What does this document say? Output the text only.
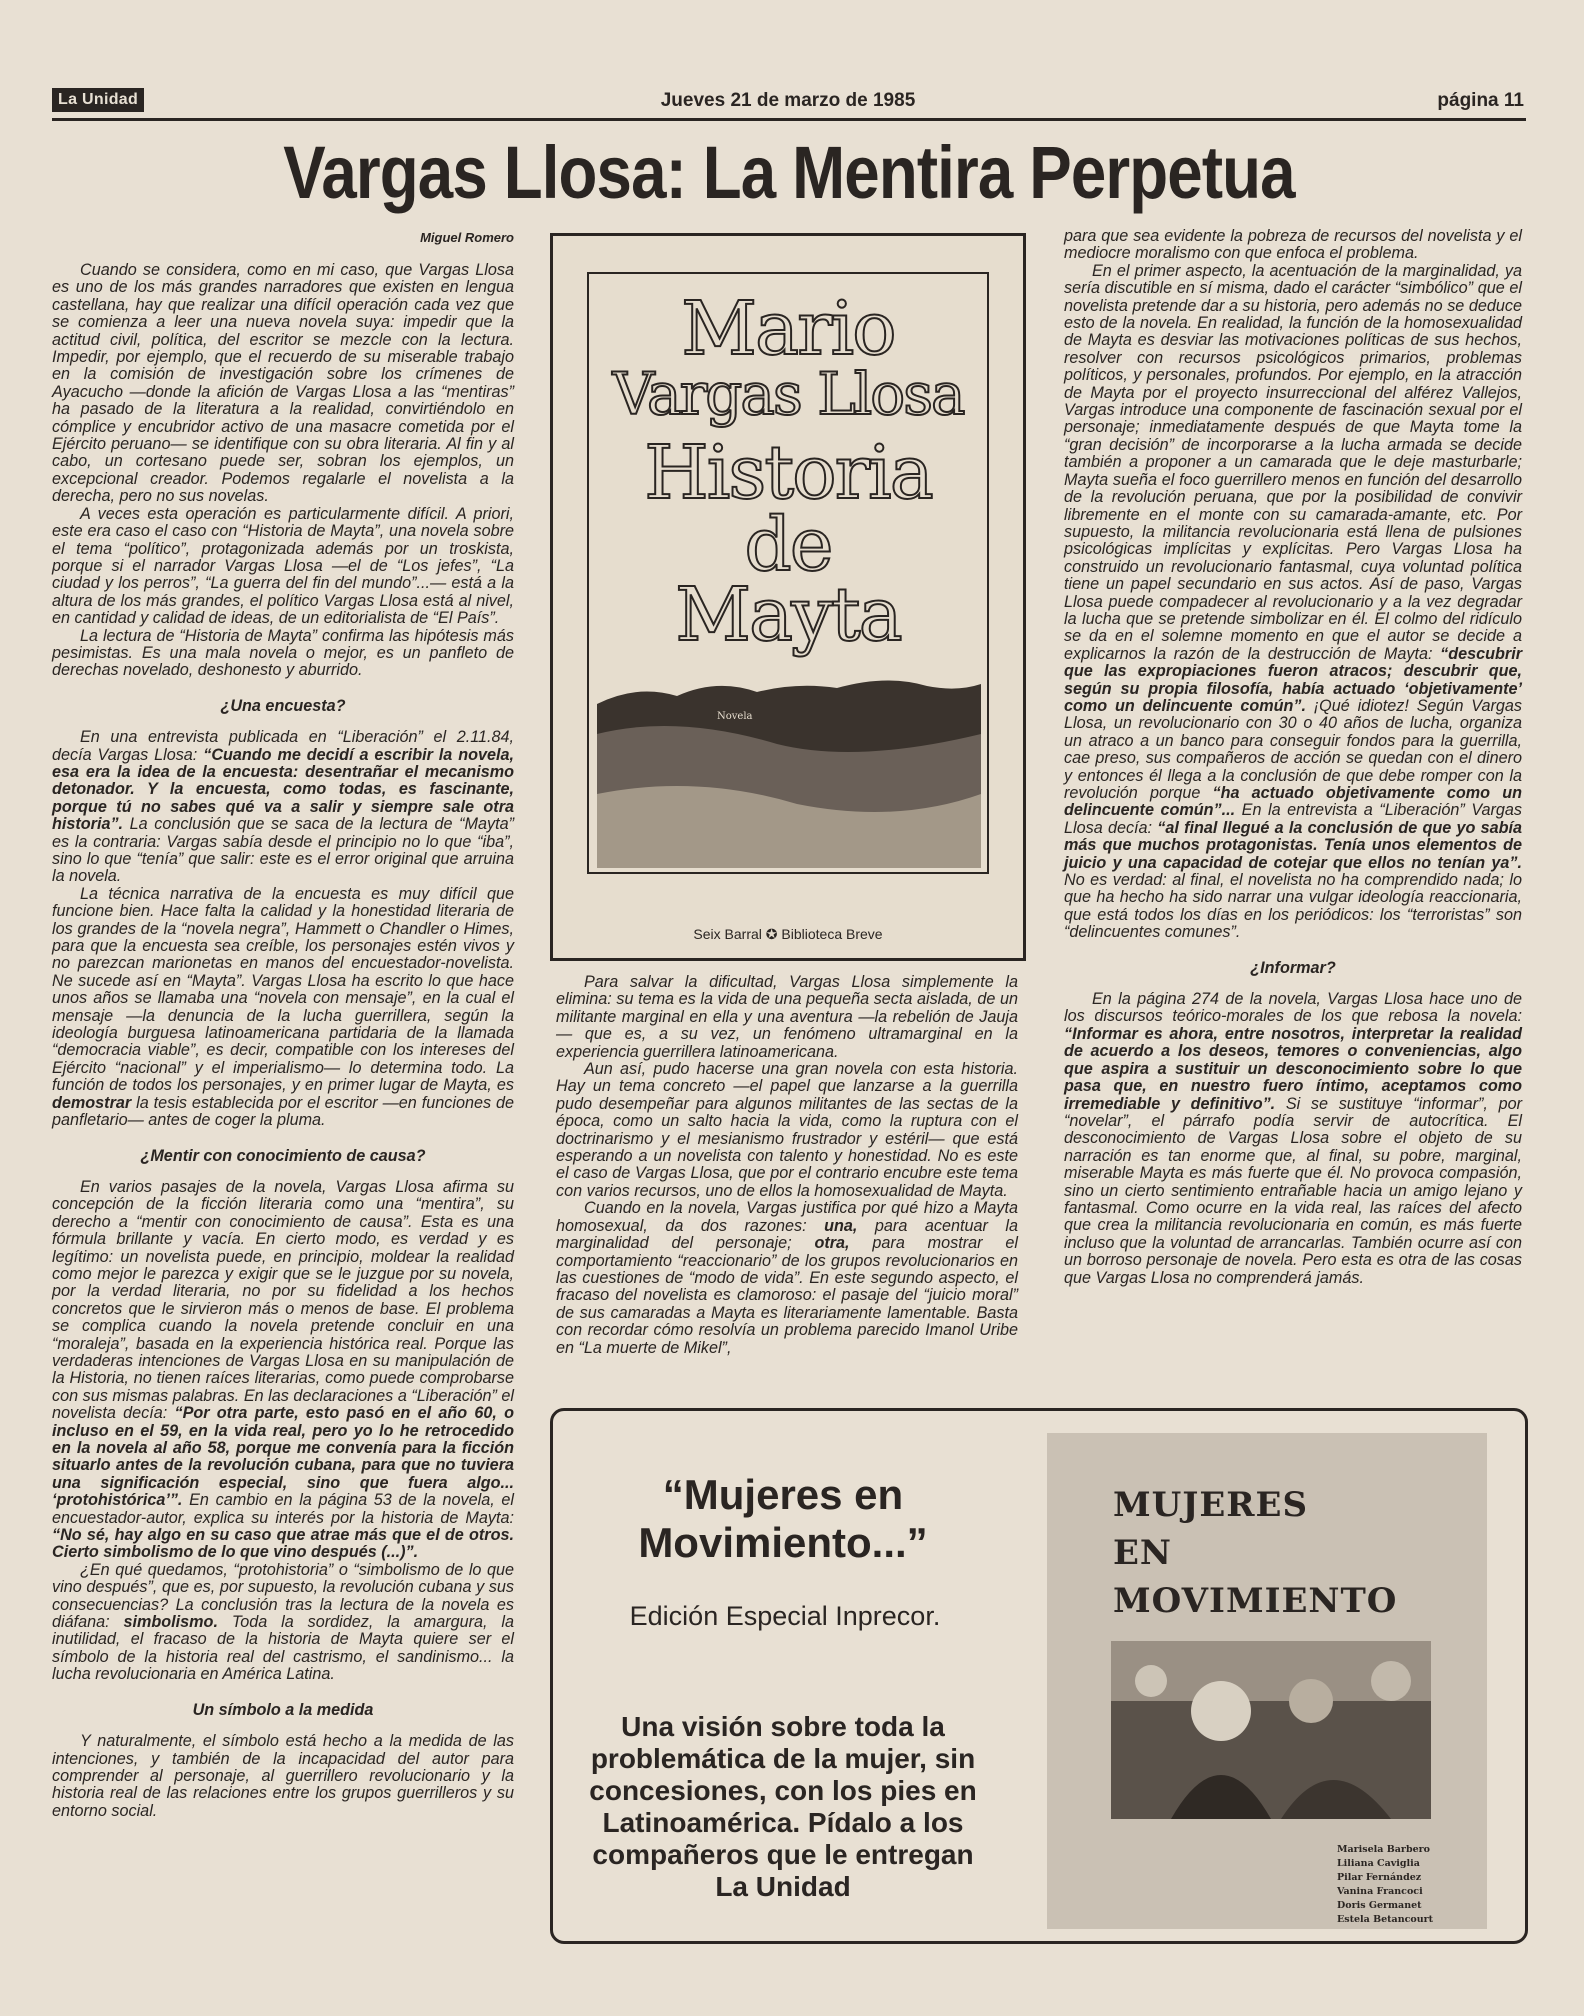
La Unidad	Jueves 21 de marzo de 1985	página 11
Vargas Llosa: La Mentira Perpetua
Miguel Romero

Cuando se considera, como en mi caso, que Vargas Llosa es uno de los más grandes narradores que existen en lengua castellana, hay que realizar una difícil operación cada vez que se comienza a leer una nueva novela suya: impedir que la actitud civil, política, del escritor se mezcle con la lectura. Impedir, por ejemplo, que el recuerdo de su miserable trabajo en la comisión de investigación sobre los crímenes de Ayacucho —donde la afición de Vargas Llosa a las “mentiras” ha pasado de la literatura a la realidad, convirtiéndolo en cómplice y encubridor activo de una masacre cometida por el Ejército peruano— se identifique con su obra literaria. Al fin y al cabo, un cortesano puede ser, sobran los ejemplos, un excepcional creador. Podemos regalarle el novelista a la derecha, pero no sus novelas.

A veces esta operación es particularmente difícil. A priori, este era caso el caso con “Historia de Mayta”, una novela sobre el tema “político”, protagonizada además por un troskista, porque si el narrador Vargas Llosa —el de “Los jefes”, “La ciudad y los perros”, “La guerra del fin del mundo”...— está a la altura de los más grandes, el político Vargas Llosa está al nivel, en cantidad y calidad de ideas, de un editorialista de “El País”.

La lectura de “Historia de Mayta” confirma las hipótesis más pesimistas. Es una mala novela o mejor, es un panfleto de derechas novelado, deshonesto y aburrido.

¿Una encuesta?

En una entrevista publicada en “Liberación” el 2.11.84, decía Vargas Llosa: “Cuando me decidí a escribir la novela, esa era la idea de la encuesta: desentrañar el mecanismo detonador. Y la encuesta, como todas, es fascinante, porque tú no sabes qué va a salir y siempre sale otra historia”. La conclusión que se saca de la lectura de “Mayta” es la contraria: Vargas sabía desde el principio no lo que “iba”, sino lo que “tenía” que salir: este es el error original que arruina la novela.

La técnica narrativa de la encuesta es muy difícil que funcione bien. Hace falta la calidad y la honestidad literaria de los grandes de la “novela negra”, Hammett o Chandler o Himes, para que la encuesta sea creíble, los personajes estén vivos y no parezcan marionetas en manos del encuestador-novelista. Ne sucede así en “Mayta”. Vargas Llosa ha escrito lo que hace unos años se llamaba una “novela con mensaje”, en la cual el mensaje —la denuncia de la lucha guerrillera, según la ideología burguesa latinoamericana partidaria de la llamada “democracia viable”, es decir, compatible con los intereses del Ejército “nacional” y el imperialismo— lo determina todo. La función de todos los personajes, y en primer lugar de Mayta, es demostrar la tesis establecida por el escritor —en funciones de panfletario— antes de coger la pluma.

¿Mentir con conocimiento de causa?

En varios pasajes de la novela, Vargas Llosa afirma su concepción de la ficción literaria como una “mentira”, su derecho a “mentir con conocimiento de causa”. Esta es una fórmula brillante y vacía. En cierto modo, es verdad y es legítimo: un novelista puede, en principio, moldear la realidad como mejor le parezca y exigir que se le juzgue por su novela, por la verdad literaria, no por su fidelidad a los hechos concretos que le sirvieron más o menos de base. El problema se complica cuando la novela pretende concluir en una “moraleja”, basada en la experiencia histórica real. Porque las verdaderas intenciones de Vargas Llosa en su manipulación de la Historia, no tienen raíces literarias, como puede comprobarse con sus mismas palabras. En las declaraciones a “Liberación” el novelista decía: “Por otra parte, esto pasó en el año 60, o incluso en el 59, en la vida real, pero yo lo he retrocedido en la novela al año 58, porque me convenía para la ficción situarlo antes de la revolución cubana, para que no tuviera una significación especial, sino que fuera algo... ‘protohistórica’”. En cambio en la página 53 de la novela, el encuestador-autor, explica su interés por la historia de Mayta: “No sé, hay algo en su caso que atrae más que el de otros. Cierto simbolismo de lo que vino después (...)”.

¿En qué quedamos, “protohistoria” o “simbolismo de lo que vino después”, que es, por supuesto, la revolución cubana y sus consecuencias? La conclusión tras la lectura de la novela es diáfana: simbolismo. Toda la sordidez, la amargura, la inutilidad, el fracaso de la historia de Mayta quiere ser el símbolo de la historia real del castrismo, el sandinismo... la lucha revolucionaria en América Latina.

Un símbolo a la medida

Y naturalmente, el símbolo está hecho a la medida de las intenciones, y también de la incapacidad del autor para comprender al personaje, al guerrillero revolucionario y la historia real de las relaciones entre los grupos guerrilleros y su entorno social.

Mario
Vargas Llosa
Historia
de
Mayta
Novela
Seix Barral ✪ Biblioteca Breve

Para salvar la dificultad, Vargas Llosa simplemente la elimina: su tema es la vida de una pequeña secta aislada, de un militante marginal en ella y una aventura —la rebelión de Jauja— que es, a su vez, un fenómeno ultramarginal en la experiencia guerrillera latinoamericana.

Aun así, pudo hacerse una gran novela con esta historia. Hay un tema concreto —el papel que lanzarse a la guerrilla pudo desempeñar para algunos militantes de las sectas de la época, como un salto hacia la vida, como la ruptura con el doctrinarismo y el mesianismo frustrador y estéril— que está esperando a un novelista con talento y honestidad. No es este el caso de Vargas Llosa, que por el contrario encubre este tema con varios recursos, uno de ellos la homosexualidad de Mayta.

Cuando en la novela, Vargas justifica por qué hizo a Mayta homosexual, da dos razones: una, para acentuar la marginalidad del personaje; otra, para mostrar el comportamiento “reaccionario” de los grupos revolucionarios en las cuestiones de “modo de vida”. En este segundo aspecto, el fracaso del novelista es clamoroso: el pasaje del “juicio moral” de sus camaradas a Mayta es literariamente lamentable. Basta con recordar cómo resolvía un problema parecido Imanol Uribe en “La muerte de Mikel”,

para que sea evidente la pobreza de recursos del novelista y el mediocre moralismo con que enfoca el problema.

En el primer aspecto, la acentuación de la marginalidad, ya sería discutible en sí misma, dado el carácter “simbólico” que el novelista pretende dar a su historia, pero además no se deduce esto de la novela. En realidad, la función de la homosexualidad de Mayta es desviar las motivaciones políticas de sus hechos, resolver con recursos psicológicos primarios, problemas políticos, y personales, profundos. Por ejemplo, en la atracción de Mayta por el proyecto insurreccional del alférez Vallejos, Vargas introduce una componente de fascinación sexual por el personaje; inmediatamente después de que Mayta tome la “gran decisión” de incorporarse a la lucha armada se decide también a proponer a un camarada que le deje masturbarle; Mayta sueña el foco guerrillero menos en función del desarrollo de la revolución peruana, que por la posibilidad de convivir libremente en el monte con su camarada-amante, etc. Por supuesto, la militancia revolucionaria está llena de pulsiones psicológicas implícitas y explícitas. Pero Vargas Llosa ha construido un revolucionario fantasmal, cuya voluntad política tiene un papel secundario en sus actos. Así de paso, Vargas Llosa puede compadecer al revolucionario y a la vez degradar la lucha que se pretende simbolizar en él. El colmo del ridículo se da en el solemne momento en que el autor se decide a explicarnos la razón de la destrucción de Mayta: “descubrir que las expropiaciones fueron atracos; descubrir que, según su propia filosofía, había actuado ‘objetivamente’ como un delincuente común”. ¡Qué idiotez! Según Vargas Llosa, un revolucionario con 30 o 40 años de lucha, organiza un atraco a un banco para conseguir fondos para la guerrilla, cae preso, sus compañeros de acción se quedan con el dinero y entonces él llega a la conclusión de que debe romper con la revolución porque “ha actuado objetivamente como un delincuente común”... En la entrevista a “Liberación” Vargas Llosa decía: “al final llegué a la conclusión de que yo sabía más que muchos protagonistas. Tenía unos elementos de juicio y una capacidad de cotejar que ellos no tenían ya”. No es verdad: al final, el novelista no ha comprendido nada; lo que ha hecho ha sido narrar una vulgar ideología reaccionaria, que está todos los días en los periódicos: los “terroristas” son “delincuentes comunes”.

¿Informar?

En la página 274 de la novela, Vargas Llosa hace uno de los discursos teórico-morales de los que rebosa la novela: “Informar es ahora, entre nosotros, interpretar la realidad de acuerdo a los deseos, temores o conveniencias, algo que aspira a sustituir un desconocimiento sobre lo que pasa que, en nuestro fuero íntimo, aceptamos como irremediable y definitivo”. Si se sustituye “informar”, por “novelar”, el párrafo podía servir de autocrítica. El desconocimiento de Vargas Llosa sobre el objeto de su narración es tan enorme que, al final, su pobre, marginal, miserable Mayta es más fuerte que él. No provoca compasión, sino un cierto sentimiento entrañable hacia un amigo lejano y fantasmal. Como ocurre en la vida real, las raíces del afecto que crea la militancia revolucionaria en común, es más fuerte incluso que la voluntad de arrancarlas. También ocurre así con un borroso personaje de novela. Pero esta es otra de las cosas que Vargas Llosa no comprenderá jamás.

“Mujeres en Movimiento...”
Edición Especial Inprecor.
Una visión sobre toda la problemática de la mujer, sin concesiones, con los pies en Latinoamérica. Pídalo a los compañeros que le entregan La Unidad
MUJERES
EN
MOVIMIENTO
Marisela Barbero
Liliana Caviglia
Pilar Fernández
Vanina Francoci
Doris Germanet
Estela Betancourt
